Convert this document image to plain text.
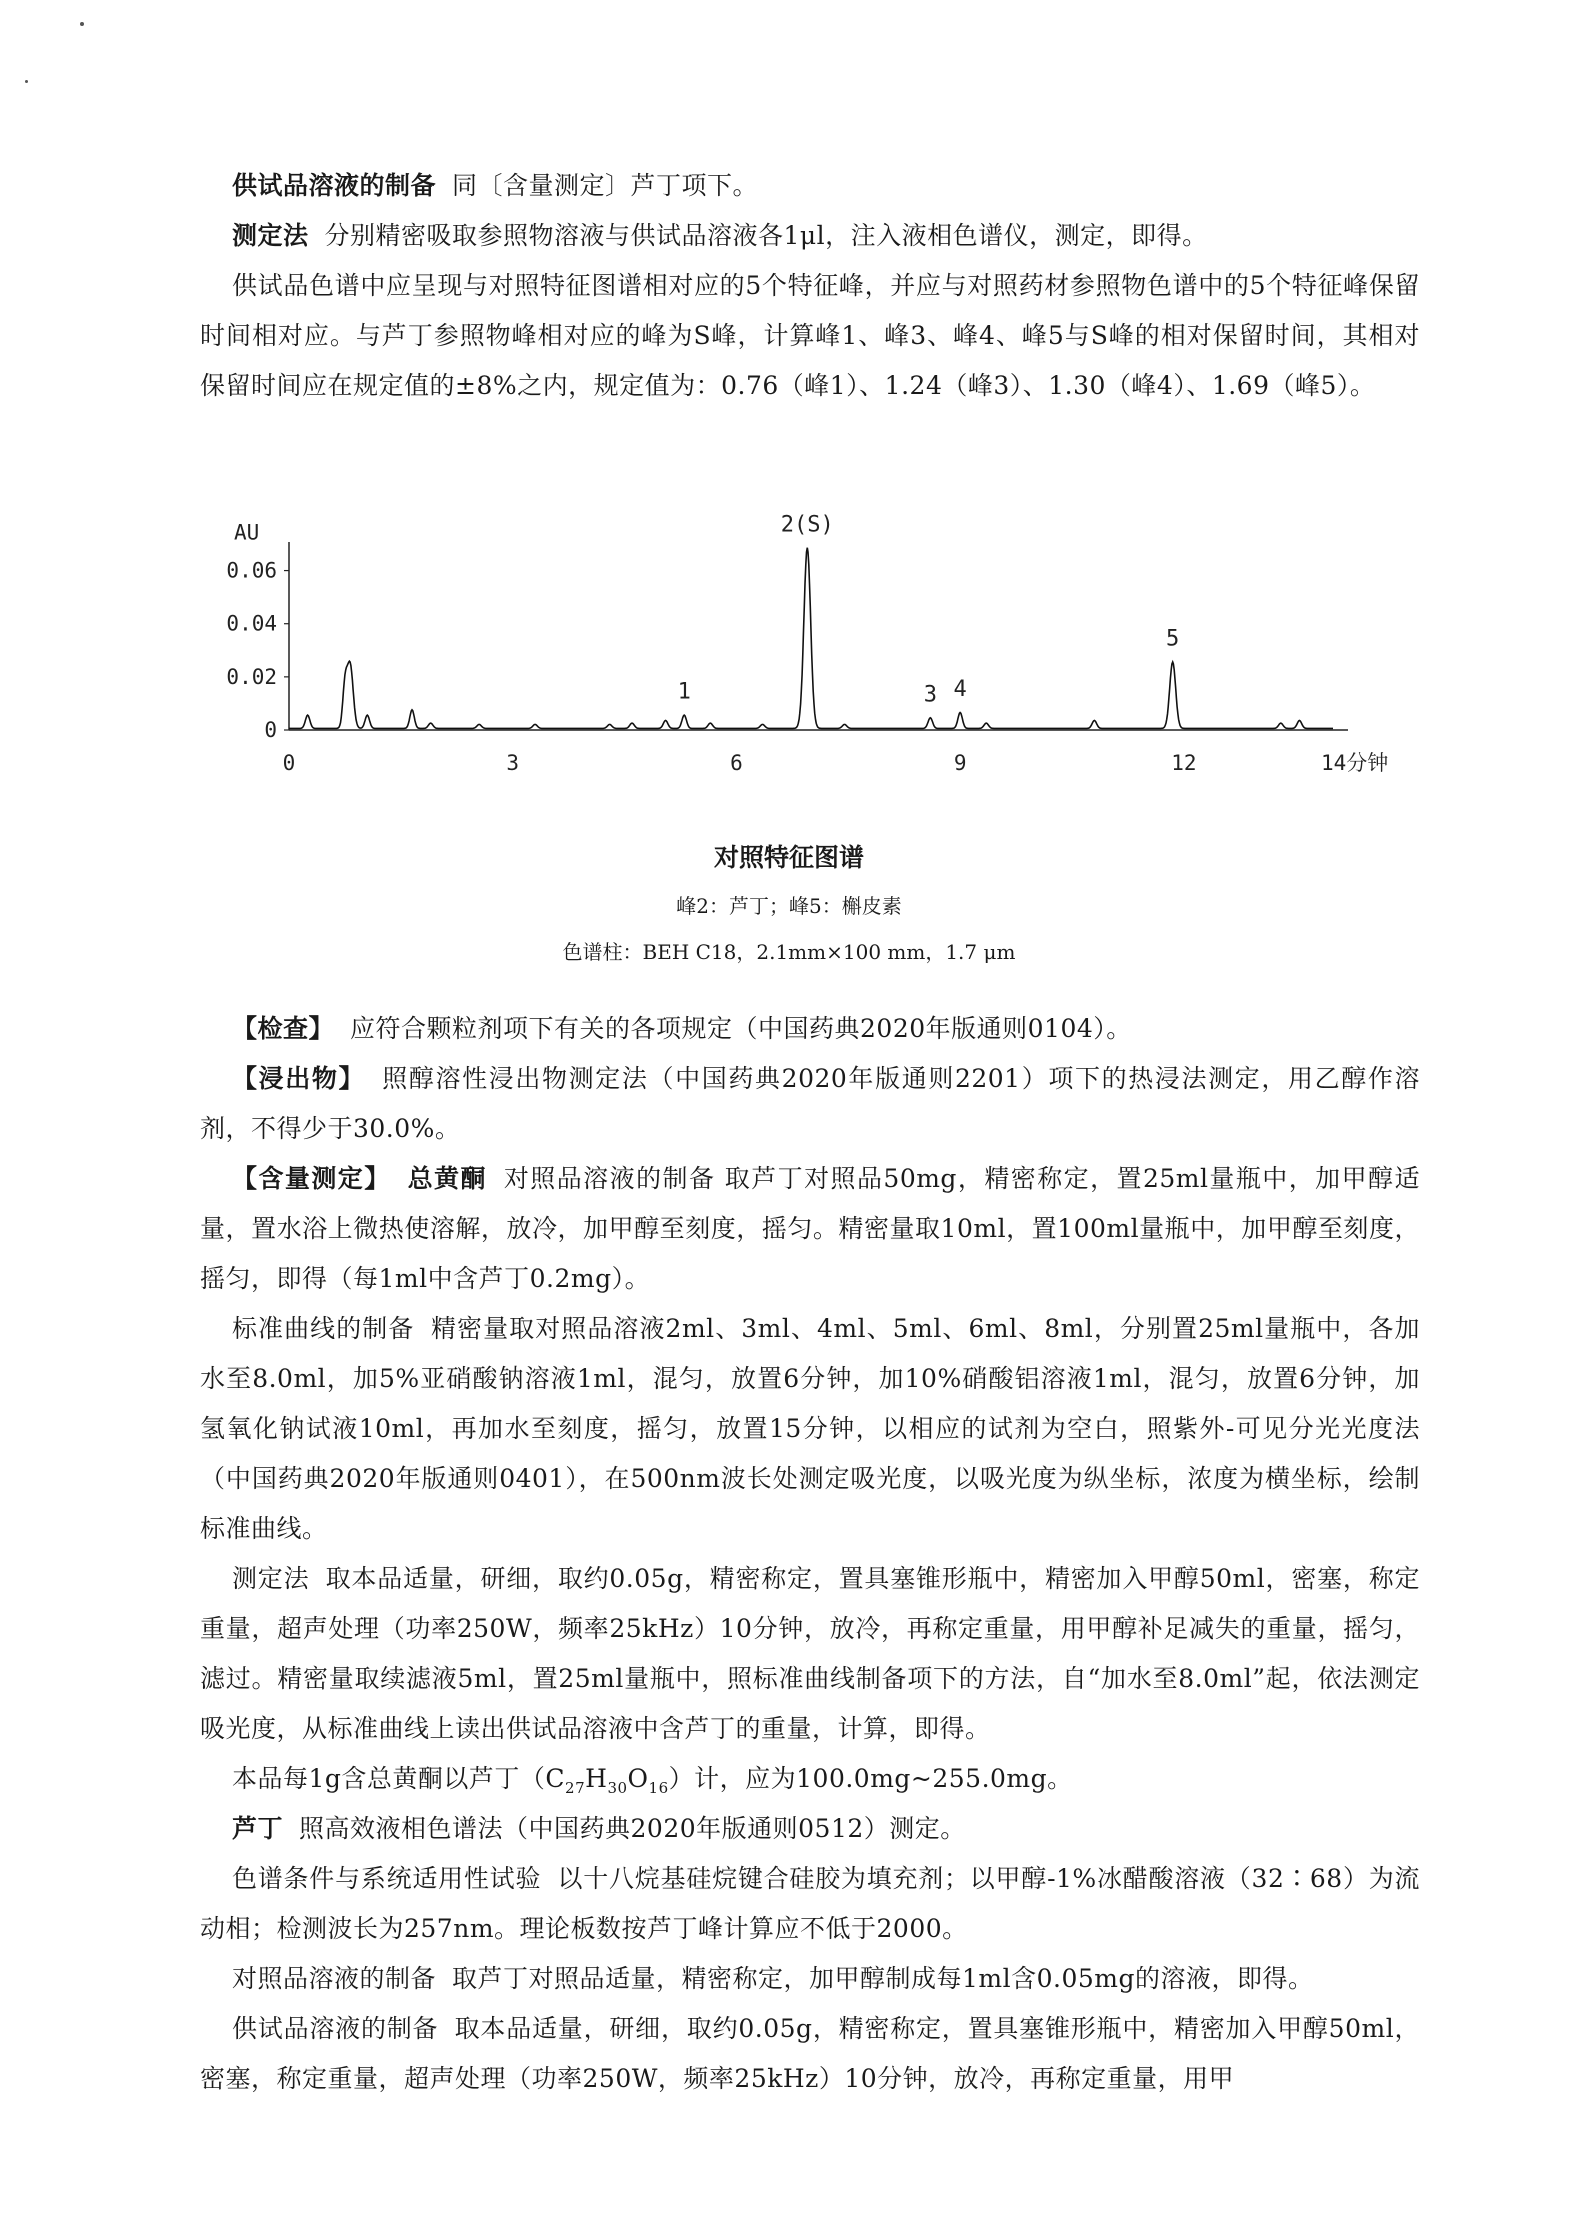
供试品溶液的制备 同〔含量测定〕芦丁项下。

测定法 分别精密吸取参照物溶液与供试品溶液各1μl，注入液相色谱仪，测定，即得。

供试品色谱中应呈现与对照特征图谱相对应的5个特征峰，并应与对照药材参照物色谱中的5个特征峰保留时间相对应。与芦丁参照物峰相对应的峰为S峰，计算峰1、峰3、峰4、峰5与S峰的相对保留时间，其相对保留时间应在规定值的±8%之内，规定值为：0.76（峰1）、1.24（峰3）、1.30（峰4）、1.69（峰5）。

AU
0
0.02
0.04
0.06
0	3	6	9	12	14分钟
1
2(S)
3 4
5
对照特征图谱
峰2：芦丁；峰5：槲皮素
色谱柱：BEH C18，2.1mm×100 mm，1.7 μm

【检查】 应符合颗粒剂项下有关的各项规定（中国药典2020年版通则0104）。

【浸出物】 照醇溶性浸出物测定法（中国药典2020年版通则2201）项下的热浸法测定，用乙醇作溶剂，不得少于30.0%。

【含量测定】 总黄酮 对照品溶液的制备 取芦丁对照品50mg，精密称定，置25ml量瓶中，加甲醇适量，置水浴上微热使溶解，放冷，加甲醇至刻度，摇匀。精密量取10ml，置100ml量瓶中，加甲醇至刻度，摇匀，即得（每1ml中含芦丁0.2mg）。

标准曲线的制备 精密量取对照品溶液2ml、3ml、4ml、5ml、6ml、8ml，分别置25ml量瓶中，各加水至8.0ml，加5%亚硝酸钠溶液1ml，混匀，放置6分钟，加10%硝酸铝溶液1ml，混匀，放置6分钟，加氢氧化钠试液10ml，再加水至刻度，摇匀，放置15分钟，以相应的试剂为空白，照紫外-可见分光光度法（中国药典2020年版通则0401），在500nm波长处测定吸光度，以吸光度为纵坐标，浓度为横坐标，绘制标准曲线。

测定法 取本品适量，研细，取约0.05g，精密称定，置具塞锥形瓶中，精密加入甲醇50ml，密塞，称定重量，超声处理（功率250W，频率25kHz）10分钟，放冷，再称定重量，用甲醇补足减失的重量，摇匀，滤过。精密量取续滤液5ml，置25ml量瓶中，照标准曲线制备项下的方法，自“加水至8.0ml”起，依法测定吸光度，从标准曲线上读出供试品溶液中含芦丁的重量，计算，即得。

本品每1g含总黄酮以芦丁$(C_{27}H_{30}O_{16})$计，应为100.0mg~255.0mg。

芦丁 照高效液相色谱法（中国药典2020年版通则0512）测定。

色谱条件与系统适用性试验 以十八烷基硅烷键合硅胶为填充剂；以甲醇-1%冰醋酸溶液（32∶68）为流动相；检测波长为257nm。理论板数按芦丁峰计算应不低于2000。

对照品溶液的制备 取芦丁对照品适量，精密称定，加甲醇制成每1ml含0.05mg的溶液，即得。

供试品溶液的制备 取本品适量，研细，取约0.05g，精密称定，置具塞锥形瓶中，精密加入甲醇50ml，密塞，称定重量，超声处理（功率250W，频率25kHz）10分钟，放冷，再称定重量，用甲
